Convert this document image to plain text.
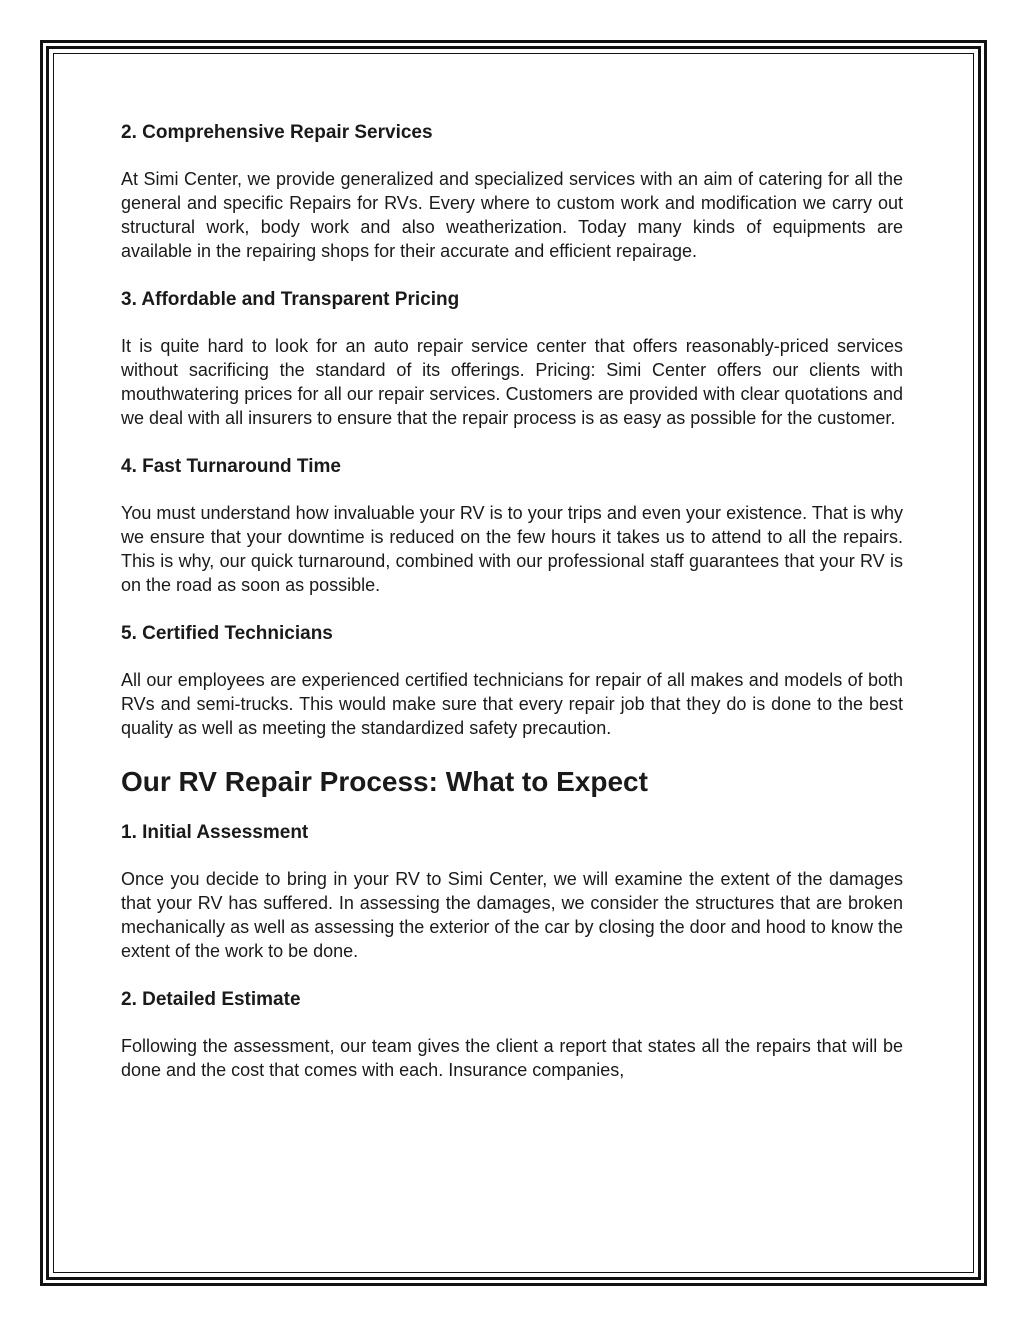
2. Comprehensive Repair Services

At Simi Center, we provide generalized and specialized services with an aim of catering for all the general and specific Repairs for RVs. Every where to custom work and modification we carry out structural work, body work and also weatherization. Today many kinds of equipments are available in the repairing shops for their accurate and efficient repairage.

3. Affordable and Transparent Pricing

It is quite hard to look for an auto repair service center that offers reasonably-priced services without sacrificing the standard of its offerings. Pricing: Simi Center offers our clients with mouthwatering prices for all our repair services. Customers are provided with clear quotations and we deal with all insurers to ensure that the repair process is as easy as possible for the customer.

4. Fast Turnaround Time

You must understand how invaluable your RV is to your trips and even your existence. That is why we ensure that your downtime is reduced on the few hours it takes us to attend to all the repairs. This is why, our quick turnaround, combined with our professional staff guarantees that your RV is on the road as soon as possible.

5. Certified Technicians

All our employees are experienced certified technicians for repair of all makes and models of both RVs and semi-trucks. This would make sure that every repair job that they do is done to the best quality as well as meeting the standardized safety precaution.

Our RV Repair Process: What to Expect
1. Initial Assessment

Once you decide to bring in your RV to Simi Center, we will examine the extent of the damages that your RV has suffered. In assessing the damages, we consider the structures that are broken mechanically as well as assessing the exterior of the car by closing the door and hood to know the extent of the work to be done.

2. Detailed Estimate

Following the assessment, our team gives the client a report that states all the repairs that will be done and the cost that comes with each. Insurance companies,
